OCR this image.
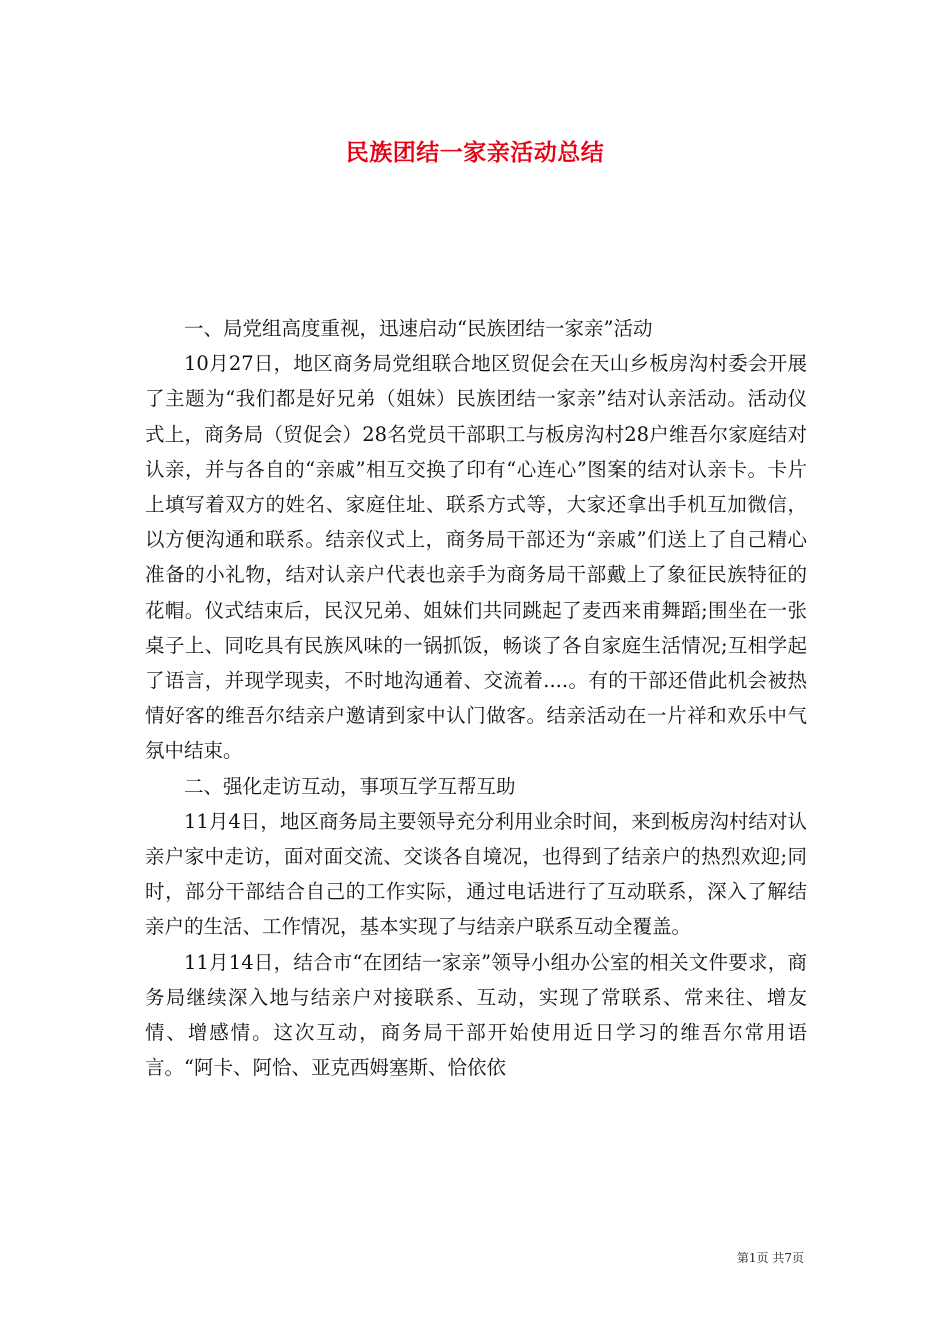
民族团结一家亲活动总结

一、局党组高度重视，迅速启动“民族团结一家亲”活动

10月27日，地区商务局党组联合地区贸促会在天山乡板房沟村委会开展了主题为“我们都是好兄弟（姐妹）民族团结一家亲”结对认亲活动。活动仪式上，商务局（贸促会）28名党员干部职工与板房沟村28户维吾尔家庭结对认亲，并与各自的“亲戚”相互交换了印有“心连心”图案的结对认亲卡。卡片上填写着双方的姓名、家庭住址、联系方式等，大家还拿出手机互加微信，以方便沟通和联系。结亲仪式上，商务局干部还为“亲戚”们送上了自己精心准备的小礼物，结对认亲户代表也亲手为商务局干部戴上了象征民族特征的花帽。仪式结束后，民汉兄弟、姐妹们共同跳起了麦西来甫舞蹈;围坐在一张桌子上、同吃具有民族风味的一锅抓饭，畅谈了各自家庭生活情况;互相学起了语言，并现学现卖，不时地沟通着、交流着....。有的干部还借此机会被热情好客的维吾尔结亲户邀请到家中认门做客。结亲活动在一片祥和欢乐中气氛中结束。

二、强化走访互动，事项互学互帮互助

11月4日，地区商务局主要领导充分利用业余时间，来到板房沟村结对认亲户家中走访，面对面交流、交谈各自境况，也得到了结亲户的热烈欢迎;同时，部分干部结合自己的工作实际，通过电话进行了互动联系，深入了解结亲户的生活、工作情况，基本实现了与结亲户联系互动全覆盖。

11月14日，结合市“在团结一家亲”领导小组办公室的相关文件要求，商务局继续深入地与结亲户对接联系、互动，实现了常联系、常来往、增友情、增感情。这次互动，商务局干部开始使用近日学习的维吾尔常用语言。“阿卡、阿恰、亚克西姆塞斯、恰依依

第1页 共7页
